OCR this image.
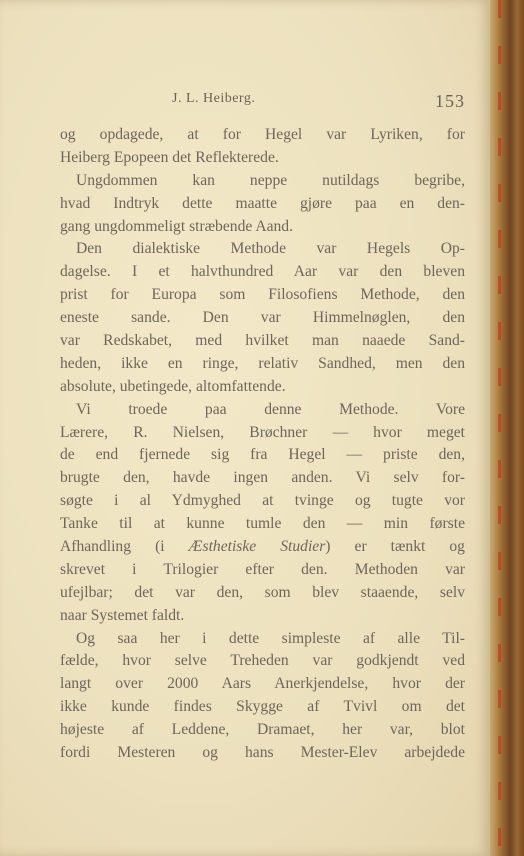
J. L. Heiberg.	153
og opdagede, at for Hegel var Lyriken, for
Heiberg Epopeen det Reflekterede.
Ungdommen kan neppe nutildags begribe,
hvad Indtryk dette maatte gjøre paa en den-
gang ungdommeligt stræbende Aand.
Den dialektiske Methode var Hegels Op-
dagelse. I et halvthundred Aar var den bleven
prist for Europa som Filosofiens Methode, den
eneste sande. Den var Himmelnøglen, den
var Redskabet, med hvilket man naaede Sand-
heden, ikke en ringe, relativ Sandhed, men den
absolute, ubetingede, altomfattende.
Vi troede paa denne Methode. Vore
Lærere, R. Nielsen, Brøchner — hvor meget
de end fjernede sig fra Hegel — priste den,
brugte den, havde ingen anden. Vi selv for-
søgte i al Ydmyghed at tvinge og tugte vor
Tanke til at kunne tumle den — min første
Afhandling (i Æsthetiske Studier) er tænkt og
skrevet i Trilogier efter den. Methoden var
ufejlbar; det var den, som blev staaende, selv
naar Systemet faldt.
Og saa her i dette simpleste af alle Til-
fælde, hvor selve Treheden var godkjendt ved
langt over 2000 Aars Anerkjendelse, hvor der
ikke kunde findes Skygge af Tvivl om det
højeste af Leddene, Dramaet, her var, blot
fordi Mesteren og hans Mester-Elev arbejdede
